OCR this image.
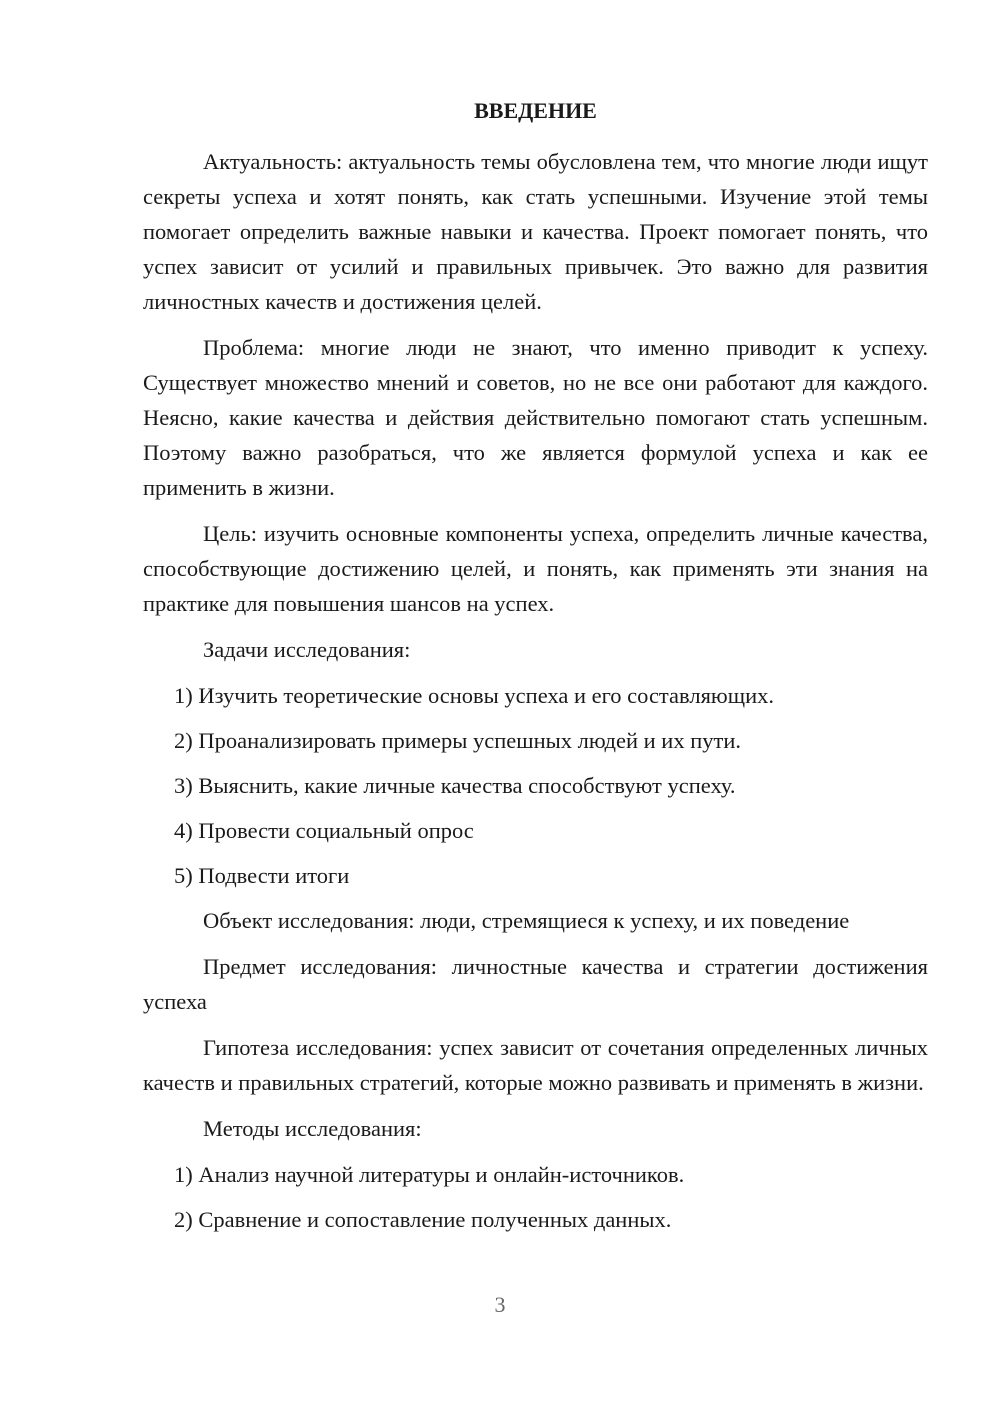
ВВЕДЕНИЕ

Актуальность: актуальность темы обусловлена тем, что многие люди ищут секреты успеха и хотят понять, как стать успешными. Изучение этой темы помогает определить важные навыки и качества. Проект помогает понять, что успех зависит от усилий и правильных привычек. Это важно для развития личностных качеств и достижения целей.

Проблема: многие люди не знают, что именно приводит к успеху. Существует множество мнений и советов, но не все они работают для каждого. Неясно, какие качества и действия действительно помогают стать успешным. Поэтому важно разобраться, что же является формулой успеха и как ее применить в жизни.

Цель: изучить основные компоненты успеха, определить личные качества, способствующие достижению целей, и понять, как применять эти знания на практике для повышения шансов на успех.

Задачи исследования:

1) Изучить теоретические основы успеха и его составляющих.

2) Проанализировать примеры успешных людей и их пути.

3) Выяснить, какие личные качества способствуют успеху.

4) Провести социальный опрос

5) Подвести итоги

Объект исследования: люди, стремящиеся к успеху, и их поведение

Предмет исследования: личностные качества и стратегии достижения успеха

Гипотеза исследования: успех зависит от сочетания определенных личных качеств и правильных стратегий, которые можно развивать и применять в жизни.

Методы исследования:

1) Анализ научной литературы и онлайн-источников.

2) Сравнение и сопоставление полученных данных.

3
